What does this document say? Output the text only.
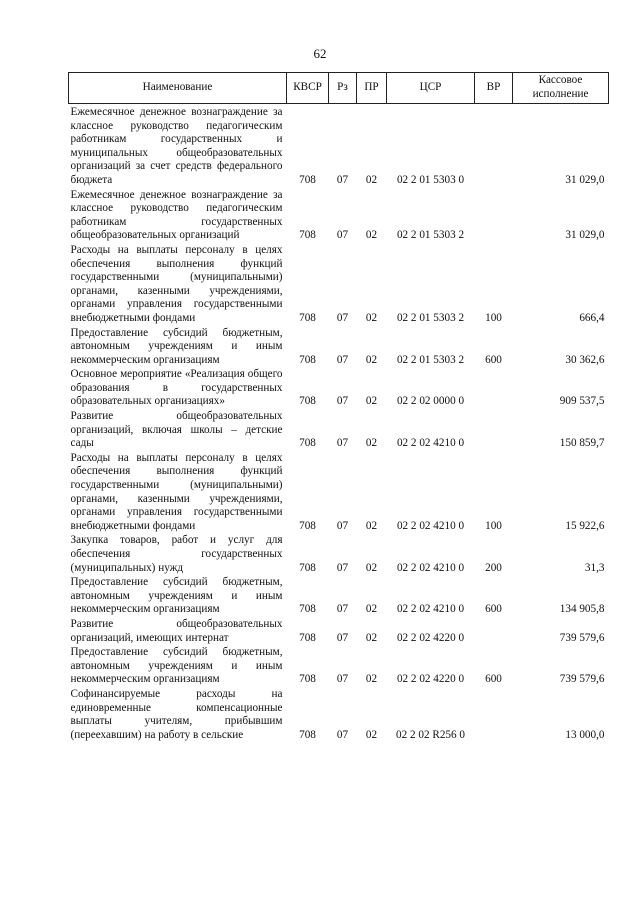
62
Наименование	КВСР	Рз	ПР	ЦСР	ВР	Кассовое исполнение
Ежемесячное денежное вознаграждение за классное руководство педагогическим работникам государственных и муниципальных общеобразовательных организаций за счет средств федерального бюджета	708	07	02	02 2 01 5303 0		31 029,0
Ежемесячное денежное вознаграждение за классное руководство педагогическим работникам государственных общеобразовательных организаций	708	07	02	02 2 01 5303 2		31 029,0
Расходы на выплаты персоналу в целях обеспечения выполнения функций государственными (муниципальными) органами, казенными учреждениями, органами управления государственными внебюджетными фондами	708	07	02	02 2 01 5303 2	100	666,4
Предоставление субсидий бюджетным, автономным учреждениям и иным некоммерческим организациям	708	07	02	02 2 01 5303 2	600	30 362,6
Основное мероприятие «Реализация общего образования в государственных образовательных организациях»	708	07	02	02 2 02 0000 0		909 537,5
Развитие общеобразовательных организаций, включая школы – детские сады	708	07	02	02 2 02 4210 0		150 859,7
Расходы на выплаты персоналу в целях обеспечения выполнения функций государственными (муниципальными) органами, казенными учреждениями, органами управления государственными внебюджетными фондами	708	07	02	02 2 02 4210 0	100	15 922,6
Закупка товаров, работ и услуг для обеспечения государственных (муниципальных) нужд	708	07	02	02 2 02 4210 0	200	31,3
Предоставление субсидий бюджетным, автономным учреждениям и иным некоммерческим организациям	708	07	02	02 2 02 4210 0	600	134 905,8
Развитие общеобразовательных организаций, имеющих интернат	708	07	02	02 2 02 4220 0		739 579,6
Предоставление субсидий бюджетным, автономным учреждениям и иным некоммерческим организациям	708	07	02	02 2 02 4220 0	600	739 579,6
Софинансируемые расходы на единовременные компенсационные выплаты учителям, прибывшим (переехавшим) на работу в сельские	708	07	02	02 2 02 R256 0		13 000,0
